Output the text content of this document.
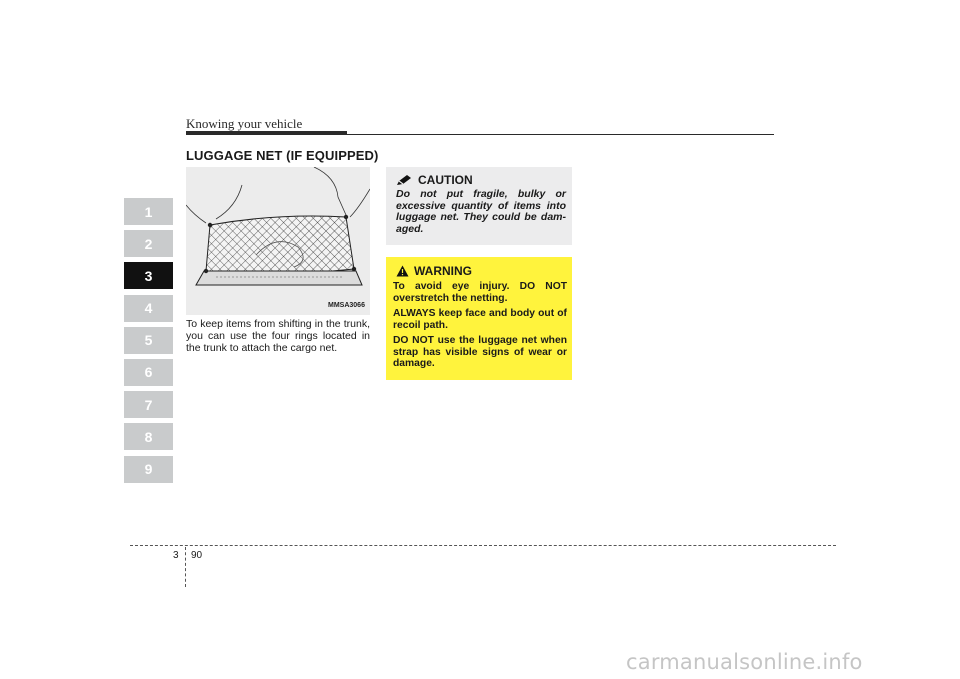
Knowing your vehicle
1
2
3
4
5
6
7
8
9
LUGGAGE NET (IF EQUIPPED)
MMSA3066
To keep items from shifting in the trunk, you can use the four rings located in the trunk to attach the cargo net.
CAUTION
Do not put fragile, bulky or excessive quantity of items into luggage net. They could be dam-aged.
WARNING

To avoid eye injury. DO NOT overstretch the netting.

ALWAYS keep face and body out of recoil path.

DO NOT use the luggage net when strap has visible signs of wear or damage.

3 90
carmanualsonline.info
